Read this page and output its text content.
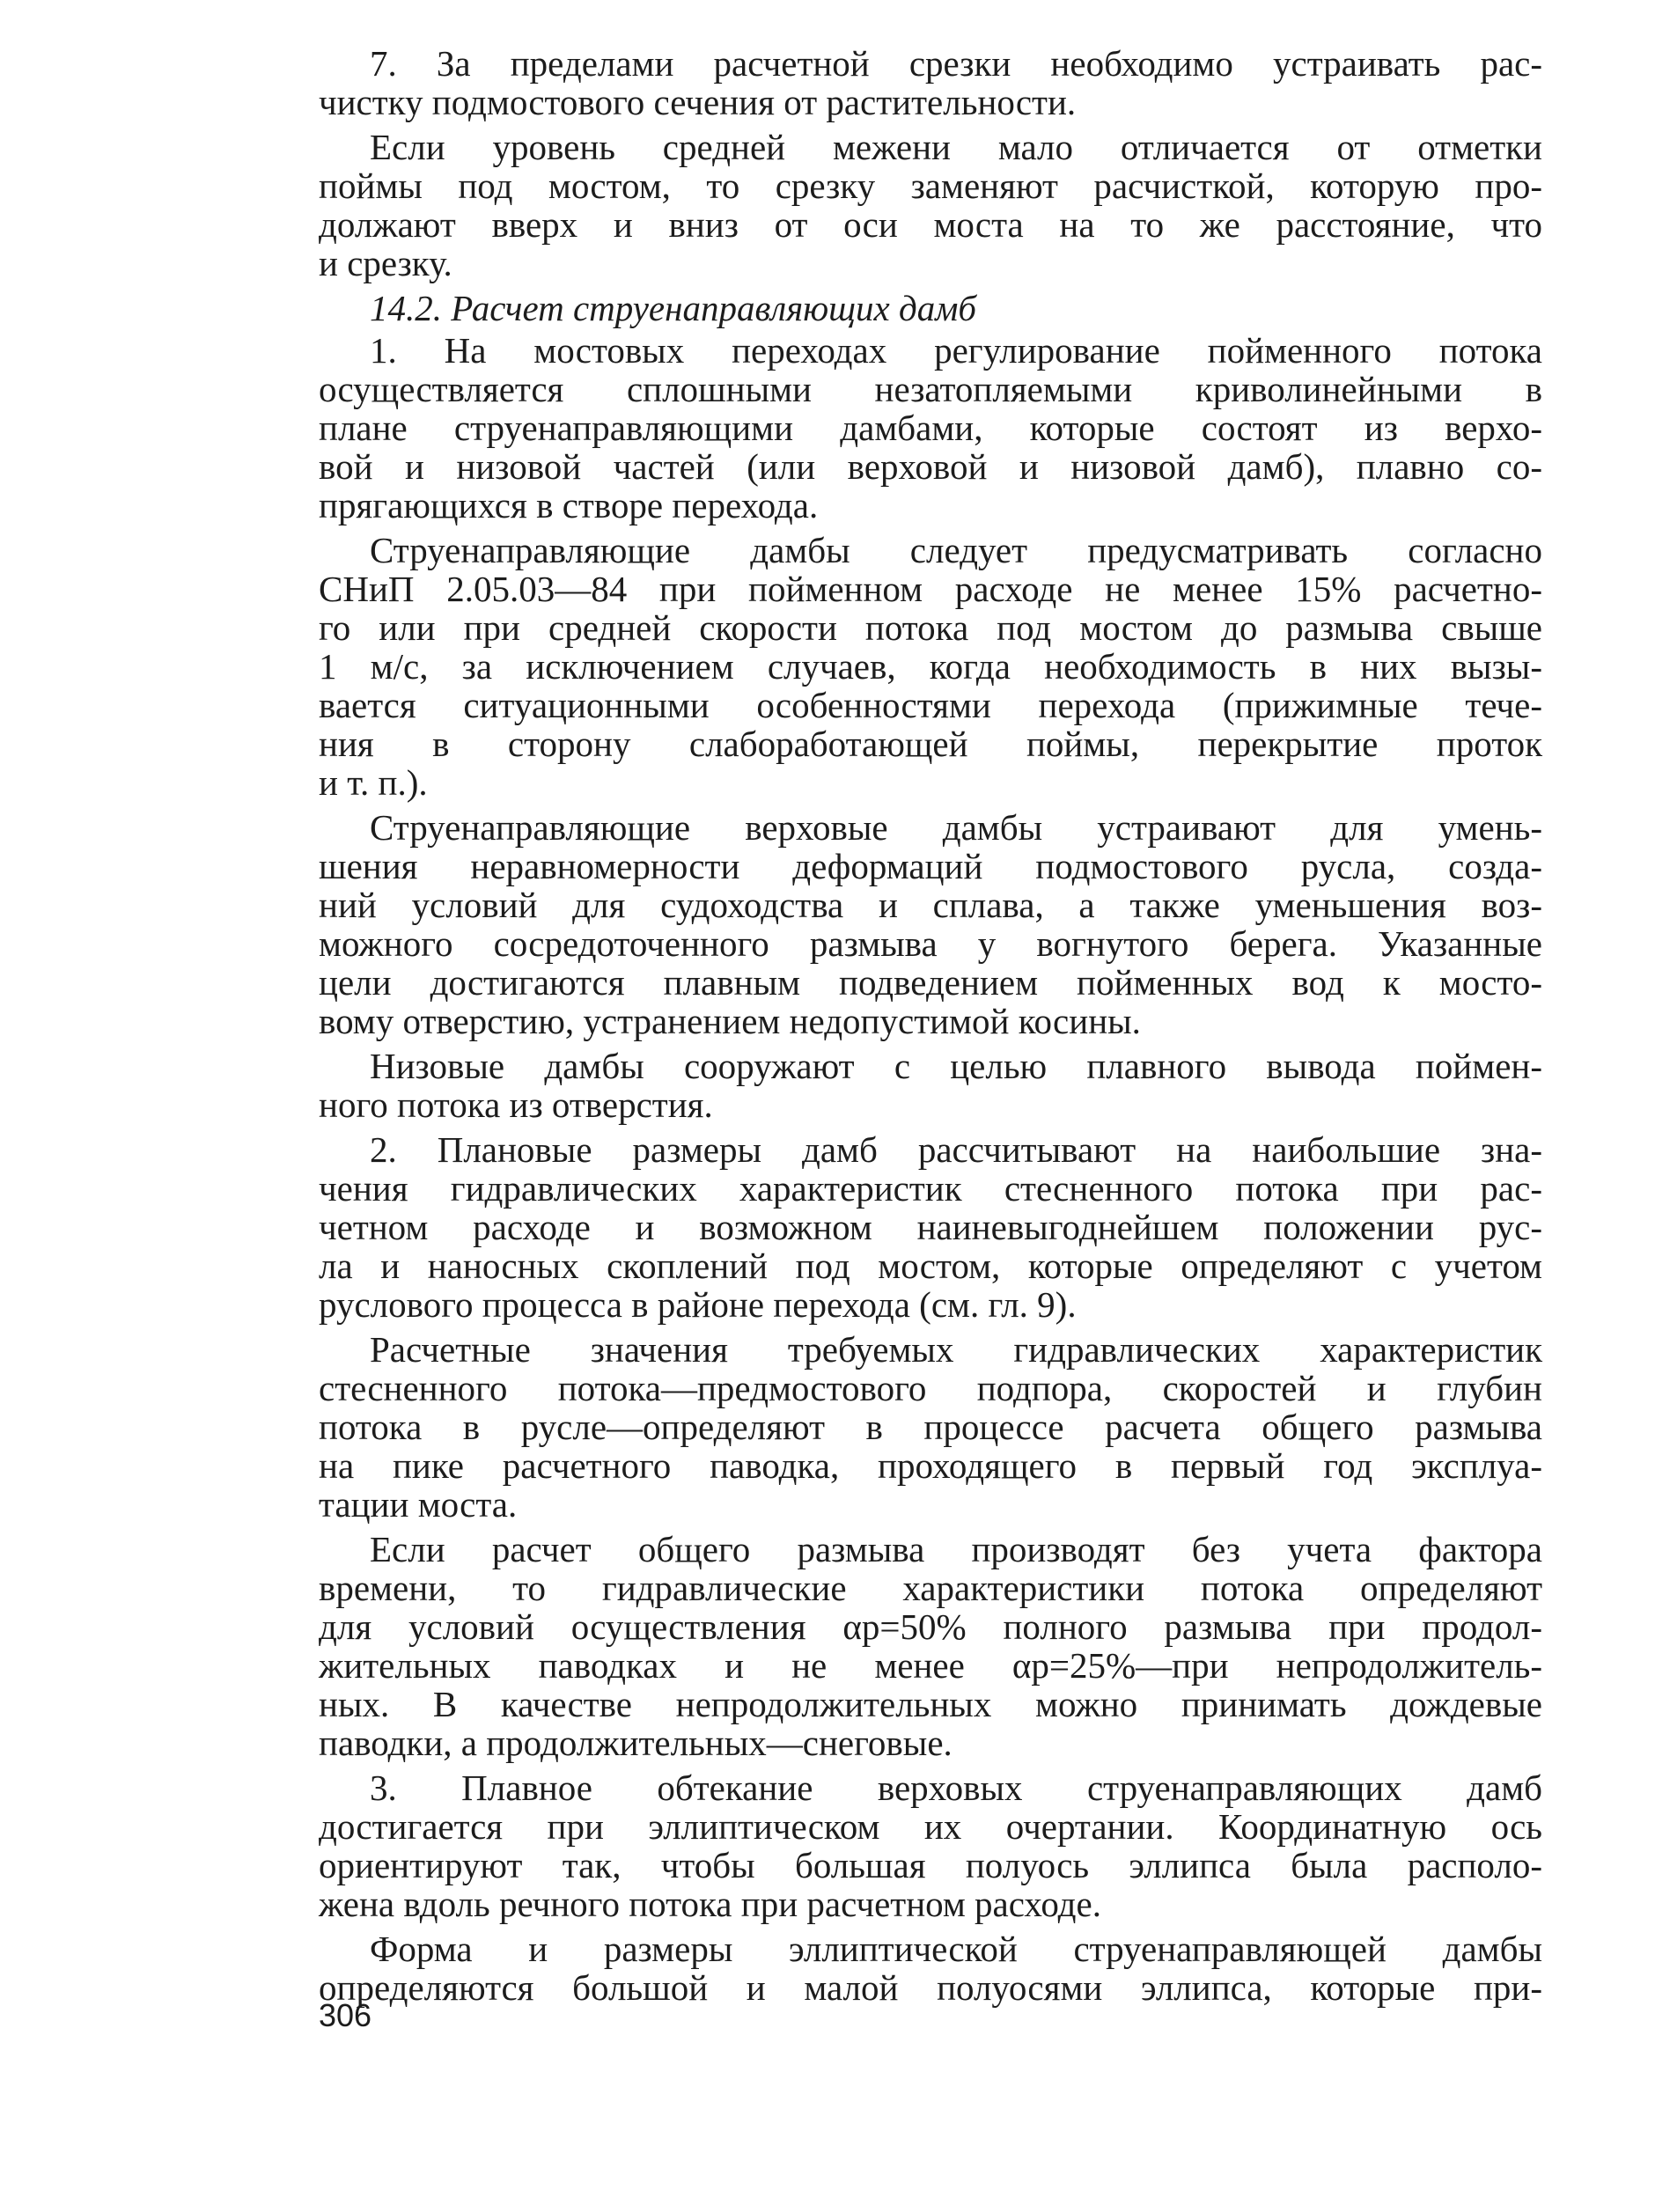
7. За пределами расчетной срезки необходимо устраивать рас-
чистку подмостового сечения от растительности.
Если уровень средней межени мало отличается от отметки
поймы под мостом, то срезку заменяют расчисткой, которую про-
должают вверх и вниз от оси моста на то же расстояние, что
и срезку.
14.2. Расчет струенаправляющих дамб
1. На мостовых переходах регулирование пойменного потока
осуществляется сплошными незатопляемыми криволинейными в
плане струенаправляющими дамбами, которые состоят из верхо-
вой и низовой частей (или верховой и низовой дамб), плавно со-
прягающихся в створе перехода.
Струенаправляющие дамбы следует предусматривать согласно
СНиП 2.05.03—84 при пойменном расходе не менее 15% расчетно-
го или при средней скорости потока под мостом до размыва свыше
1 м/с, за исключением случаев, когда необходимость в них вызы-
вается ситуационными особенностями перехода (прижимные тече-
ния в сторону слаборaботающей поймы, перекрытие проток
и т. п.).
Струенаправляющие верховые дамбы устраивают для умень-
шения неравномерности деформаций подмостового русла, созда-
ний условий для судоходства и сплава, а также уменьшения воз-
можного сосредоточенного размыва у вогнутого берега. Указанные
цели достигаются плавным подведением пойменных вод к мосто-
вому отверстию, устранением недопустимой косины.
Низовые дамбы сооружают с целью плавного вывода поймен-
ного потока из отверстия.
2. Плановые размеры дамб рассчитывают на наибольшие зна-
чения гидравлических характеристик стесненного потока при рас-
четном расходе и возможном наиневыгоднейшем положении рус-
ла и наносных скоплений под мостом, которые определяют с учетом
руслового процесса в районе перехода (см. гл. 9).
Расчетные значения требуемых гидравлических характеристик
стесненного потока—предмостового подпора, скоростей и глубин
потока в русле—определяют в процессе расчета общего размыва
на пике расчетного паводка, проходящего в первый год эксплуа-
тации моста.
Если расчет общего размыва производят без учета фактора
времени, то гидравлические характеристики потока определяют
для условий осуществления αр=50% полного размыва при продол-
жительных паводках и не менее αр=25%—при непродолжитель-
ных. В качестве непродолжительных можно принимать дождевые
паводки, а продолжительных—снеговые.
3. Плавное обтекание верховых струенаправляющих дамб
достигается при эллиптическом их очертании. Координатную ось
ориентируют так, чтобы большая полуось эллипса была располо-
жена вдоль речного потока при расчетном расходе.
Форма и размеры эллиптической струенаправляющей дамбы
определяются большой и малой полуосями эллипса, которые при-
306
